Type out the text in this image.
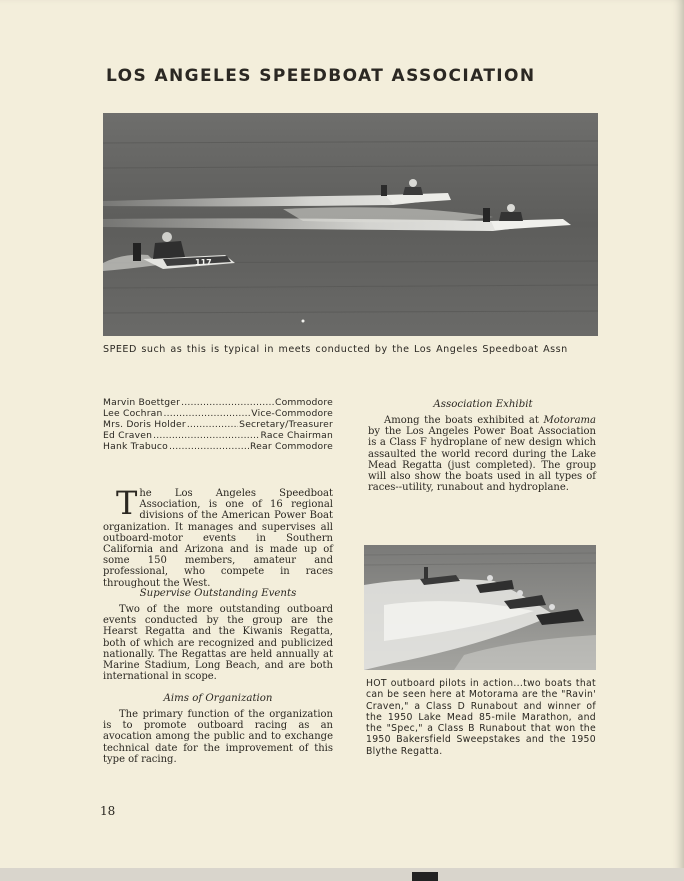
LOS ANGELES SPEEDBOAT ASSOCIATION
117
SPEED such as this is typical in meets conducted by the Los Angeles Speedboat Assn
Marvin Boettger .....	Commodore
Lee Cochran .....	Vice-Commodore
Mrs. Doris Holder .....	Secretary/Treasurer
Ed Craven .....	Race Chairman
Hank Trabuco .....	Rear Commodore

The Los Angeles Speedboat Association, is one of 16 regional divisions of the American Power Boat organization. It manages and supervises all outboard-motor events in Southern California and Arizona and is made up of some 150 members, amateur and professional, who compete in races throughout the West.

Supervise Outstanding Events

Two of the more outstanding outboard events conducted by the group are the Hearst Regatta and the Kiwanis Regatta, both of which are recognized and publicized nationally. The Regattas are held annually at Marine Stadium, Long Beach, and are both international in scope.

Aims of Organization

The primary function of the organization is to promote outboard racing as an avocation among the public and to exchange technical date for the improvement of this type of racing.

Association Exhibit

Among the boats exhibited at Motorama by the Los Angeles Power Boat Association is a Class F hydroplane of new design which assaulted the world record during the Lake Mead Regatta (just completed). The group will also show the boats used in all types of races--utility, runabout and hydroplane.

HOT outboard pilots in action...two boats that can be seen here at Motorama are the "Ravin' Craven," a Class D Runabout and winner of the 1950 Lake Mead 85-mile Marathon, and the "Spec," a Class B Runabout that won the 1950 Bakersfield Sweepstakes and the 1950 Blythe Regatta.
18
